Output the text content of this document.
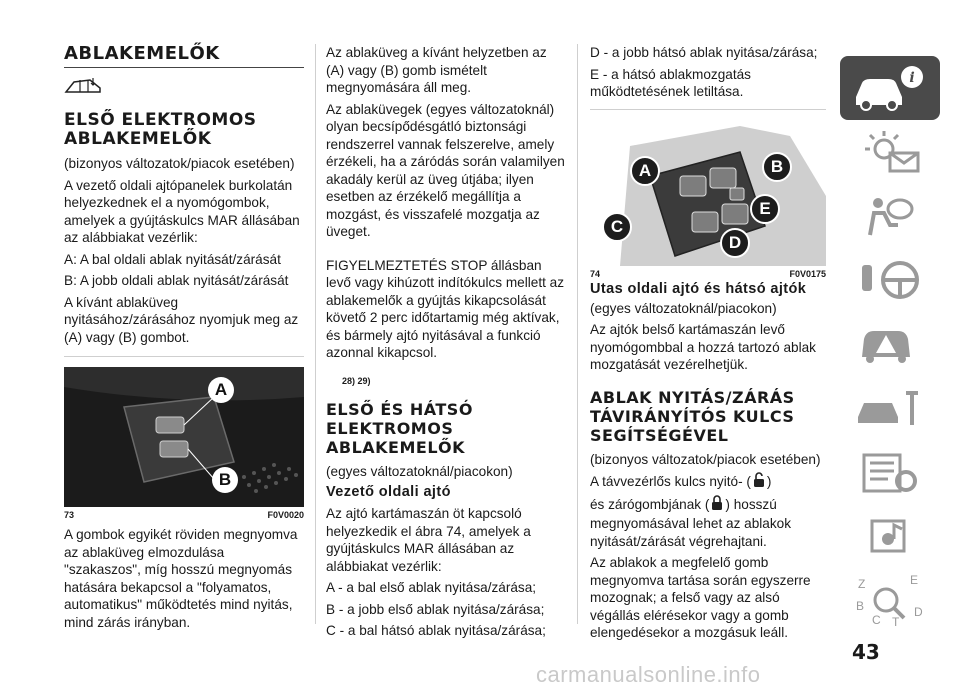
ABLAKEMELŐK
ELSŐ ELEKTROMOS ABLAKEMELŐK

(bizonyos változatok/piacok esetében)

A vezető oldali ajtópanelek burkolatán helyezkednek el a nyomógombok, amelyek a gyújtáskulcs MAR állásában az alábbiakat vezérlik:

A: A bal oldali ablak nyitását/zárását

B: A jobb oldali ablak nyitását/zárását

A kívánt ablaküveg nyitásához/zárásához nyomjuk meg az (A) vagy (B) gombot.

A
B
73	F0V0020

A gombok egyikét röviden megnyomva az ablaküveg elmozdulása "szakaszos", míg hosszú megnyomás hatására bekapcsol a "folyamatos, automatikus" működtetés mind nyitás, mind zárás irányban.

Az ablaküveg a kívánt helyzetben az (A) vagy (B) gomb ismételt megnyomására áll meg.

Az ablaküvegek (egyes változatoknál) olyan becsípődésgátló biztonsági rendszerrel vannak felszerelve, amely érzékeli, ha a záródás során valamilyen akadály kerül az üveg útjába; ilyen esetben az érzékelő megállítja a mozgást, és visszafelé mozgatja az üveget.

FIGYELMEZTETÉS STOP állásban levő vagy kihúzott indítókulcs mellett az ablakemelők a gyújtás kikapcsolását követő 2 perc időtartamig még aktívak, és bármely ajtó nyitásával a funkció azonnal kikapcsol.

28) 29)
ELSŐ ÉS HÁTSÓ ELEKTROMOS ABLAKEMELŐK

(egyes változatoknál/piacokon)

Vezető oldali ajtó

Az ajtó kartámaszán öt kapcsoló helyezkedik el ábra 74, amelyek a gyújtáskulcs MAR állásában az alábbiakat vezérlik:

A - a bal első ablak nyitása/zárása;

B - a jobb első ablak nyitása/zárása;

C - a bal hátsó ablak nyitása/zárása;

D - a jobb hátsó ablak nyitása/zárása;

E - a hátsó ablakmozgatás működtetésének letiltása.

A	B
C
D
E
74	F0V0175
Utas oldali ajtó és hátsó ajtók

(egyes változatoknál/piacokon)

Az ajtók belső kartámaszán levő nyomógombbal a hozzá tartozó ablak mozgatását vezérelhetjük.

ABLAK NYITÁS/ZÁRÁS TÁVIRÁNYÍTÓS KULCS SEGÍTSÉGÉVEL

(bizonyos változatok/piacok esetében)

A távvezérlős kulcs nyitó- ( )

és zárógombjának ( ) hosszú megnyomásával lehet az ablakok nyitását/zárását végrehajtani.

Az ablakok a megfelelő gomb megnyomva tartása során egyszerre mozognak; a felső vagy az alsó végállás elérésekor vagy a gomb elengedésekor a mozgásuk leáll.

i
Z	E
B
C T
D
43
carmanualsonline.info
